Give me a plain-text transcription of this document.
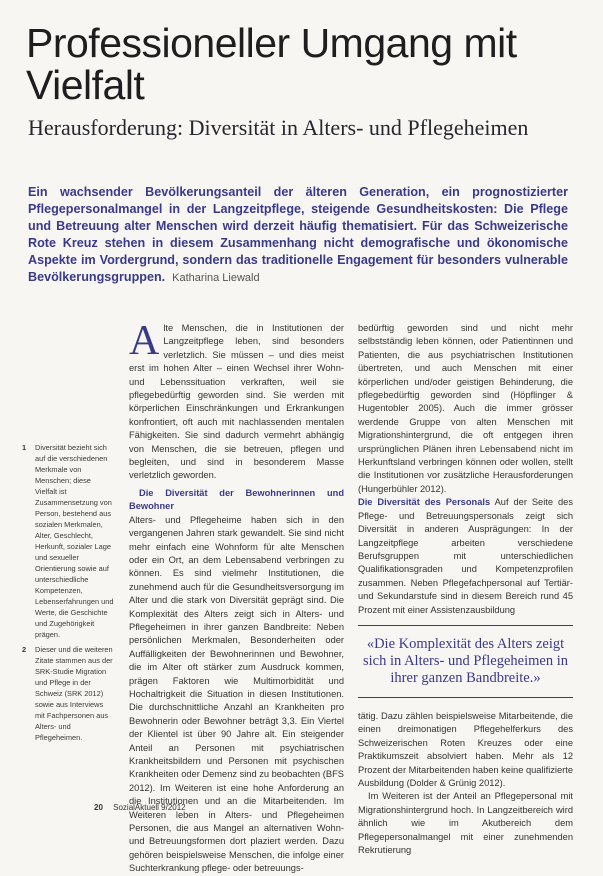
Professioneller Umgang mit Vielfalt
Herausforderung: Diversität in Alters- und Pflegeheimen

Ein wachsender Bevölkerungsanteil der älteren Generation, ein prognostizierter Pflegepersonalmangel in der Langzeitpflege, steigende Gesundheitskosten: Die Pflege und Betreuung alter Menschen wird derzeit häufig thematisiert. Für das Schweizerische Rote Kreuz stehen in diesem Zusammenhang nicht demografische und ökonomische Aspekte im Vordergrund, sondern das traditionelle Engagement für besonders vulnerable Bevölkerungsgruppen. Katharina Liewald

1	Diversität bezieht sich auf die verschiedenen Merkmale von Menschen; diese Vielfalt ist Zusammensetzung von Person, bestehend aus sozialen Merkmalen, Alter, Geschlecht, Herkunft, sozialer Lage und sexueller Orientierung sowie auf unterschiedliche Kompetenzen, Lebenserfahrungen und Werte, die Geschichte und Zugehörigkeit prägen.
2	Dieser und die weiteren Zitate stammen aus der SRK-Studie Migration und Pflege in der Schweiz (SRK 2012) sowie aus Interviews mit Fachpersonen aus Alters- und Pflegeheimen.

Alte Menschen, die in Institutionen der Langzeitpflege leben, sind besonders verletzlich. Sie müssen – und dies meist erst im hohen Alter – einen Wechsel ihrer Wohn- und Lebenssituation verkraften, weil sie pflegebedürftig geworden sind. Sie werden mit körperlichen Einschränkungen und Erkrankungen konfrontiert, oft auch mit nachlassenden mentalen Fähigkeiten. Sie sind dadurch vermehrt abhängig von Menschen, die sie betreuen, pflegen und begleiten, und sind in besonderem Masse verletzlich geworden.

Die Diversität der Bewohnerinnen und Bewohner

Alters- und Pflegeheime haben sich in den vergangenen Jahren stark gewandelt. Sie sind nicht mehr einfach eine Wohnform für alte Menschen oder ein Ort, an dem Lebensabend verbringen zu können. Es sind vielmehr Institutionen, die zunehmend auch für die Gesundheitsversorgung im Alter und die stark von Diversität geprägt sind. Die Komplexität des Alters zeigt sich in Alters- und Pflegeheimen in ihrer ganzen Bandbreite: Neben persönlichen Merkmalen, Besonderheiten oder Auffälligkeiten der Bewohnerinnen und Bewohner, die im Alter oft stärker zum Ausdruck kommen, prägen Faktoren wie Multimorbidität und Hochaltrigkeit die Situation in diesen Institutionen. Die durchschnittliche Anzahl an Krankheiten pro Bewohnerin oder Bewohner beträgt 3,3. Ein Viertel der Klientel ist über 90 Jahre alt. Ein steigender Anteil an Personen mit psychiatrischen Krankheitsbildern und Personen mit psychischen Krankheiten oder Demenz sind zu beobachten (BFS 2012). Im Weiteren ist eine hohe Anforderung an die Institutionen und an die Mitarbeitenden. Im Weiteren leben in Alters- und Pflegeheimen Personen, die aus Mangel an alternativen Wohn- und Betreuungsformen dort plaziert werden. Dazu gehören beispielsweise Menschen, die infolge einer Suchterkrankung pflege- oder betreuungs-

bedürftig geworden sind und nicht mehr selbstständig leben können, oder Patientinnen und Patienten, die aus psychiatrischen Institutionen übertreten, und auch Menschen mit einer körperlichen und/oder geistigen Behinderung, die pflegebedürftig geworden sind (Höpflinger & Hugentobler 2005). Auch die immer grösser werdende Gruppe von alten Menschen mit Migrationshintergrund, die oft entgegen ihren ursprünglichen Plänen ihren Lebensabend nicht im Herkunftsland verbringen können oder wollen, stellt die Institutionen vor zusätzliche Herausforderungen (Hungerbühler 2012).

Die Diversität des Personals Auf der Seite des Pflege- und Betreuungspersonals zeigt sich Diversität in anderen Ausprägungen: In der Langzeitpflege arbeiten verschiedene Berufsgruppen mit unterschiedlichen Qualifikationsgraden und Kompetenzprofilen zusammen. Neben Pflegefachpersonal auf Tertiär- und Sekundarstufe sind in diesem Bereich rund 45 Prozent mit einer Assistenzausbildung
«Die Komplexität des Alters zeigt sich in Alters- und Pflegeheimen in ihrer ganzen Bandbreite.»

tätig. Dazu zählen beispielsweise Mitarbeitende, die einen dreimonatigen Pflegehelferkurs des Schweizerischen Roten Kreuzes oder eine Praktikumszeit absolviert haben. Mehr als 12 Prozent der Mitarbeitenden haben keine qualifizierte Ausbildung (Dolder & Grünig 2012).

Im Weiteren ist der Anteil an Pflegepersonal mit Migrationshintergrund hoch. In Langzeitbereich wird ähnlich wie im Akutbereich dem Pflegepersonalmangel mit einer zunehmenden Rekrutierung

20 SozialAktuell 9/2012
